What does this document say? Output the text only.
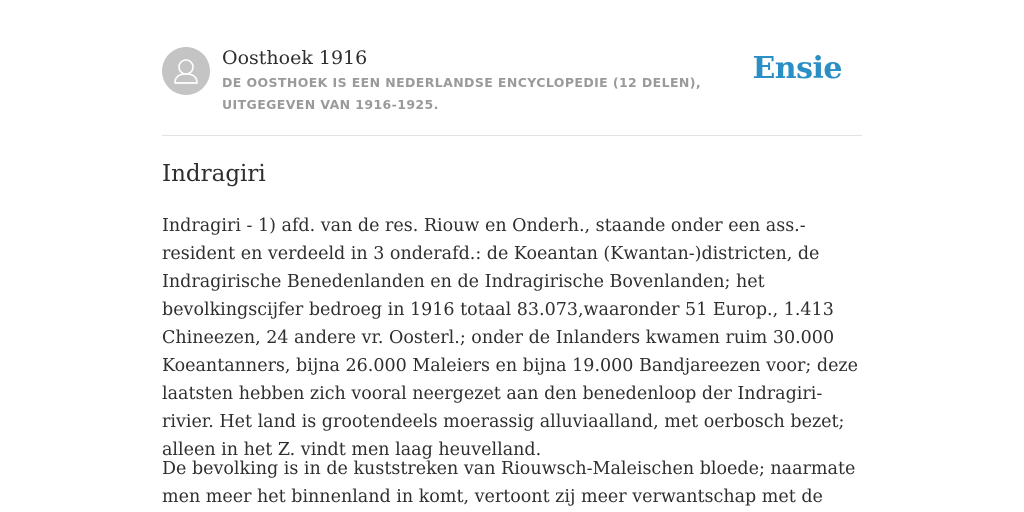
Oosthoek 1916
DE OOSTHOEK IS EEN NEDERLANDSE ENCYCLOPEDIE (12 DELEN), UITGEGEVEN VAN 1916-1925.
Ensie
Indragiri

Indragiri - 1) afd. van de res. Riouw en Onderh., staande onder een ass.-resident en verdeeld in 3 onderafd.: de Koeantan (Kwantan-)districten, de Indragirische Benedenlanden en de Indragirische Bovenlanden; het bevolkingscijfer bedroeg in 1916 totaal 83.073,waaronder 51 Europ., 1.413 Chineezen, 24 andere vr. Oosterl.; onder de Inlanders kwamen ruim 30.000 Koeantanners, bijna 26.000 Maleiers en bijna 19.000 Bandjareezen voor; deze laatsten hebben zich vooral neergezet aan den benedenloop der Indragiri-rivier. Het land is grootendeels moerassig alluviaalland, met oerbosch bezet; alleen in het Z. vindt men laag heuvelland.

De bevolking is in de kuststreken van Riouwsch-Maleischen bloede; naarmate men meer het binnenland in komt, vertoont zij meer verwantschap met de
